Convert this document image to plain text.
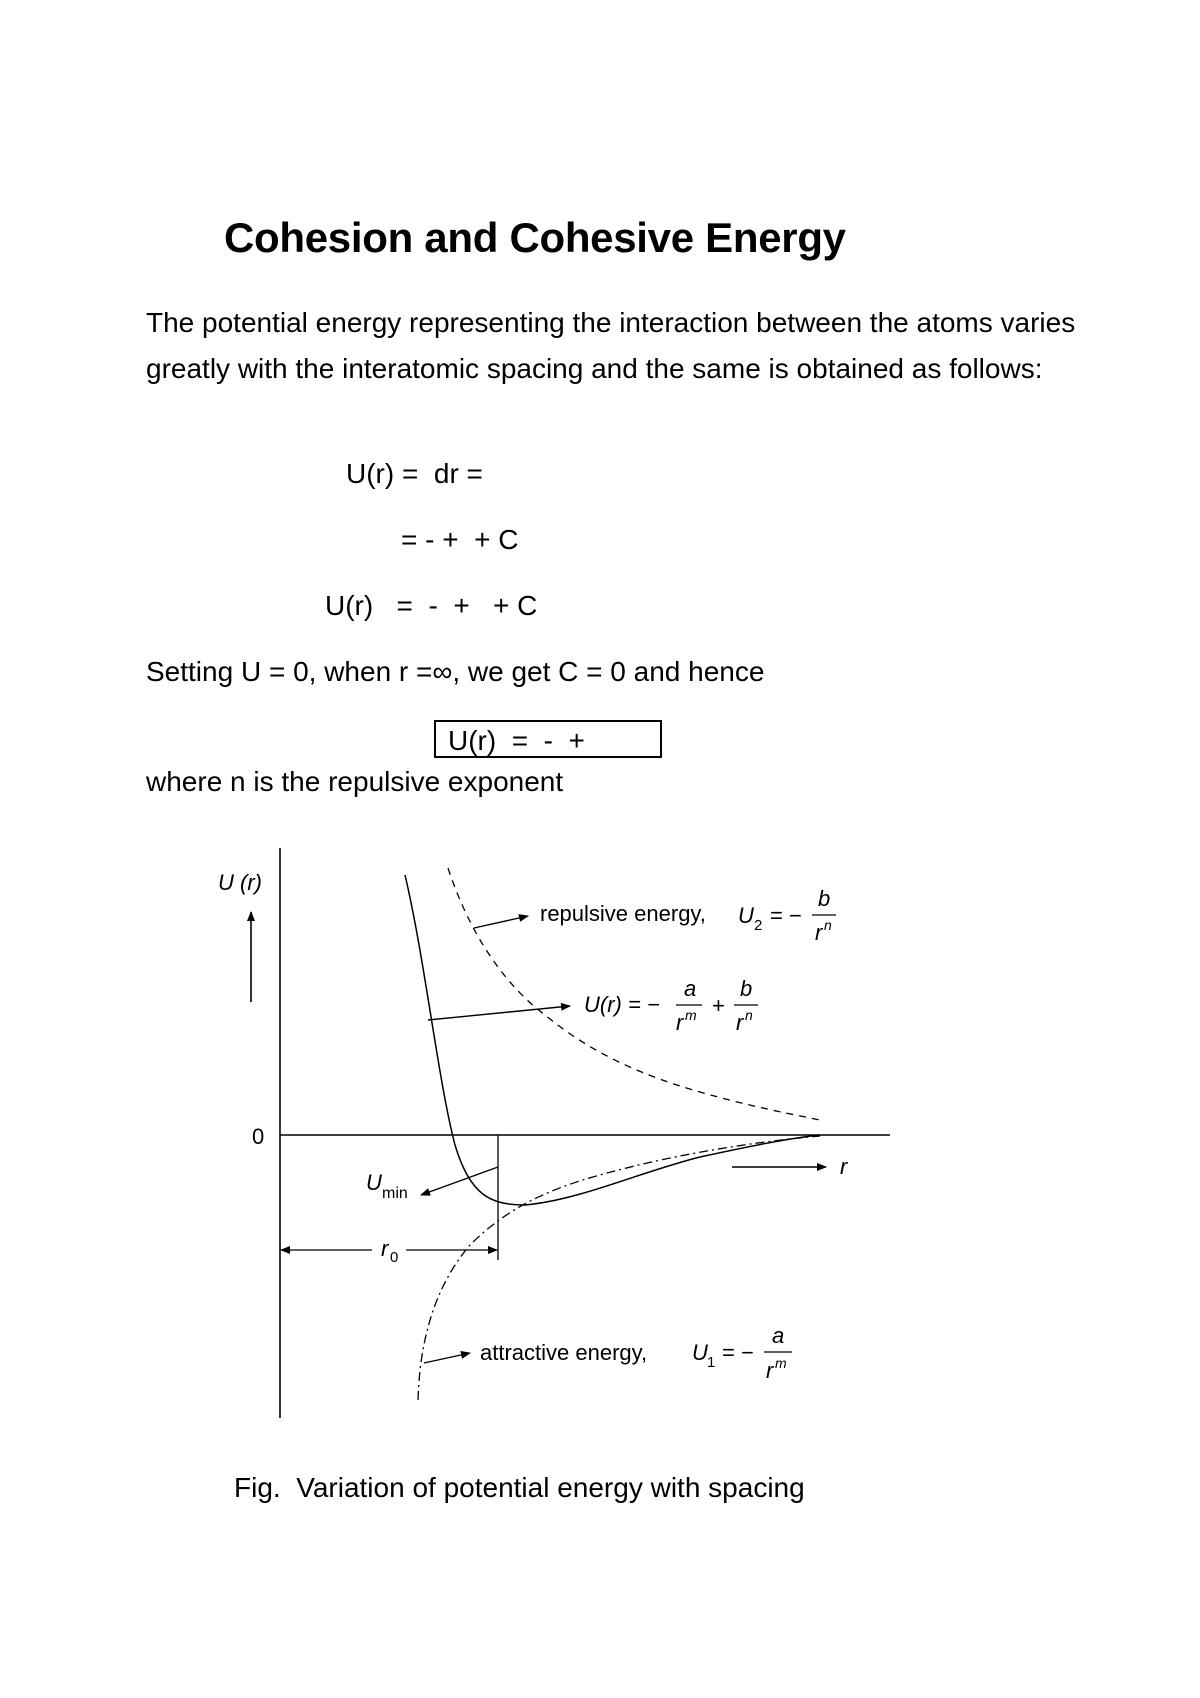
Cohesion and Cohesive Energy
The potential energy representing the interaction between the atoms varies greatly with the interatomic spacing and the same is obtained as follows:
U(r) =  dr =
= - +  + C
U(r)   =  -  +   + C
Setting U = 0, when r =∞, we get C = 0 and hence
U(r)  =  -  +
where n is the repulsive exponent
U (r)
0
r
repulsive energy, U 2 = −
b
r n
U(r) = −
a
r m +
b
r n
U min
r 0
attractive energy, U 1 = −
a
r m
Fig.  Variation of potential energy with spacing
